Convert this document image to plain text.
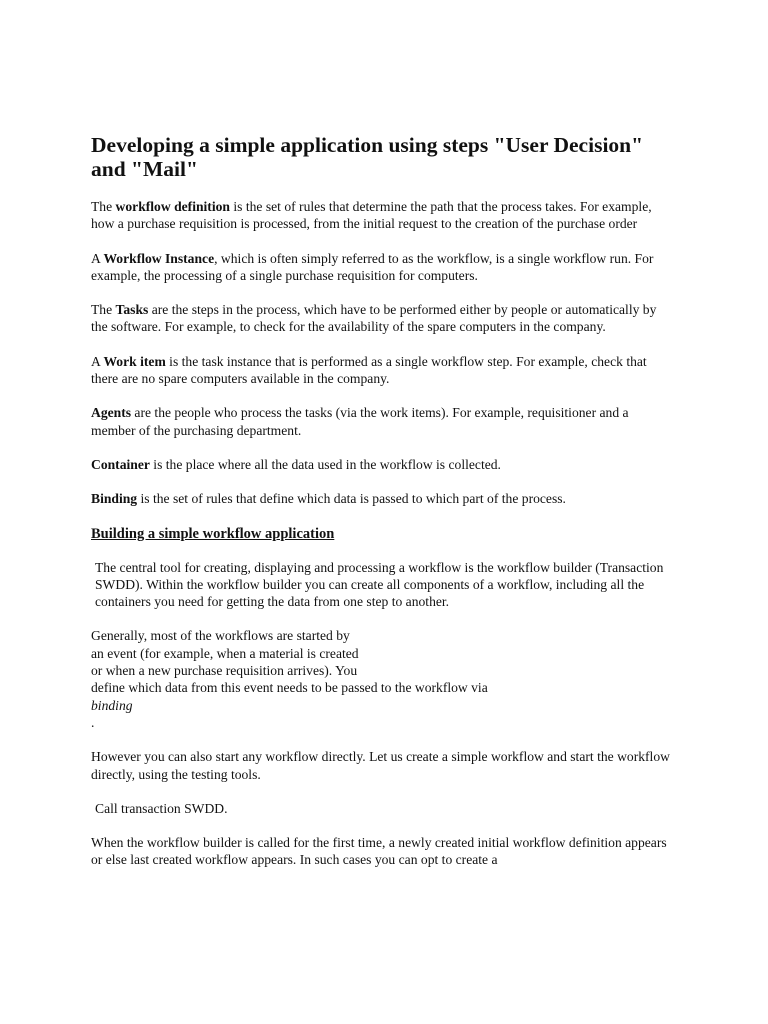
Developing a simple application using steps "User Decision" and "Mail"

The workflow definition is the set of rules that determine the path that the process takes. For example, how a purchase requisition is processed, from the initial request to the creation of the purchase order

A Workflow Instance, which is often simply referred to as the workflow, is a single workflow run. For example, the processing of a single purchase requisition for computers.

The Tasks are the steps in the process, which have to be performed either by people or automatically by the software. For example, to check for the availability of the spare computers in the company.

A Work item is the task instance that is performed as a single workflow step. For example, check that there are no spare computers available in the company.

Agents are the people who process the tasks (via the work items). For example, requisitioner and a member of the purchasing department.

Container is the place where all the data used in the workflow is collected.

Binding is the set of rules that define which data is passed to which part of the process.

Building a simple workflow application

The central tool for creating, displaying and processing a workflow is the workflow builder (Transaction SWDD). Within the workflow builder you can create all components of a workflow, including all the containers you need for getting the data from one step to another.

Generally, most of the workflows are started by
an event (for example, when a material is created
or when a new purchase requisition arrives). You
define which data from this event needs to be passed to the workflow via
binding
.

However you can also start any workflow directly. Let us create a simple workflow and start the workflow directly, using the testing tools.

Call transaction SWDD.

When the workflow builder is called for the first time, a newly created initial workflow definition appears or else last created workflow appears. In such cases you can opt to create a
